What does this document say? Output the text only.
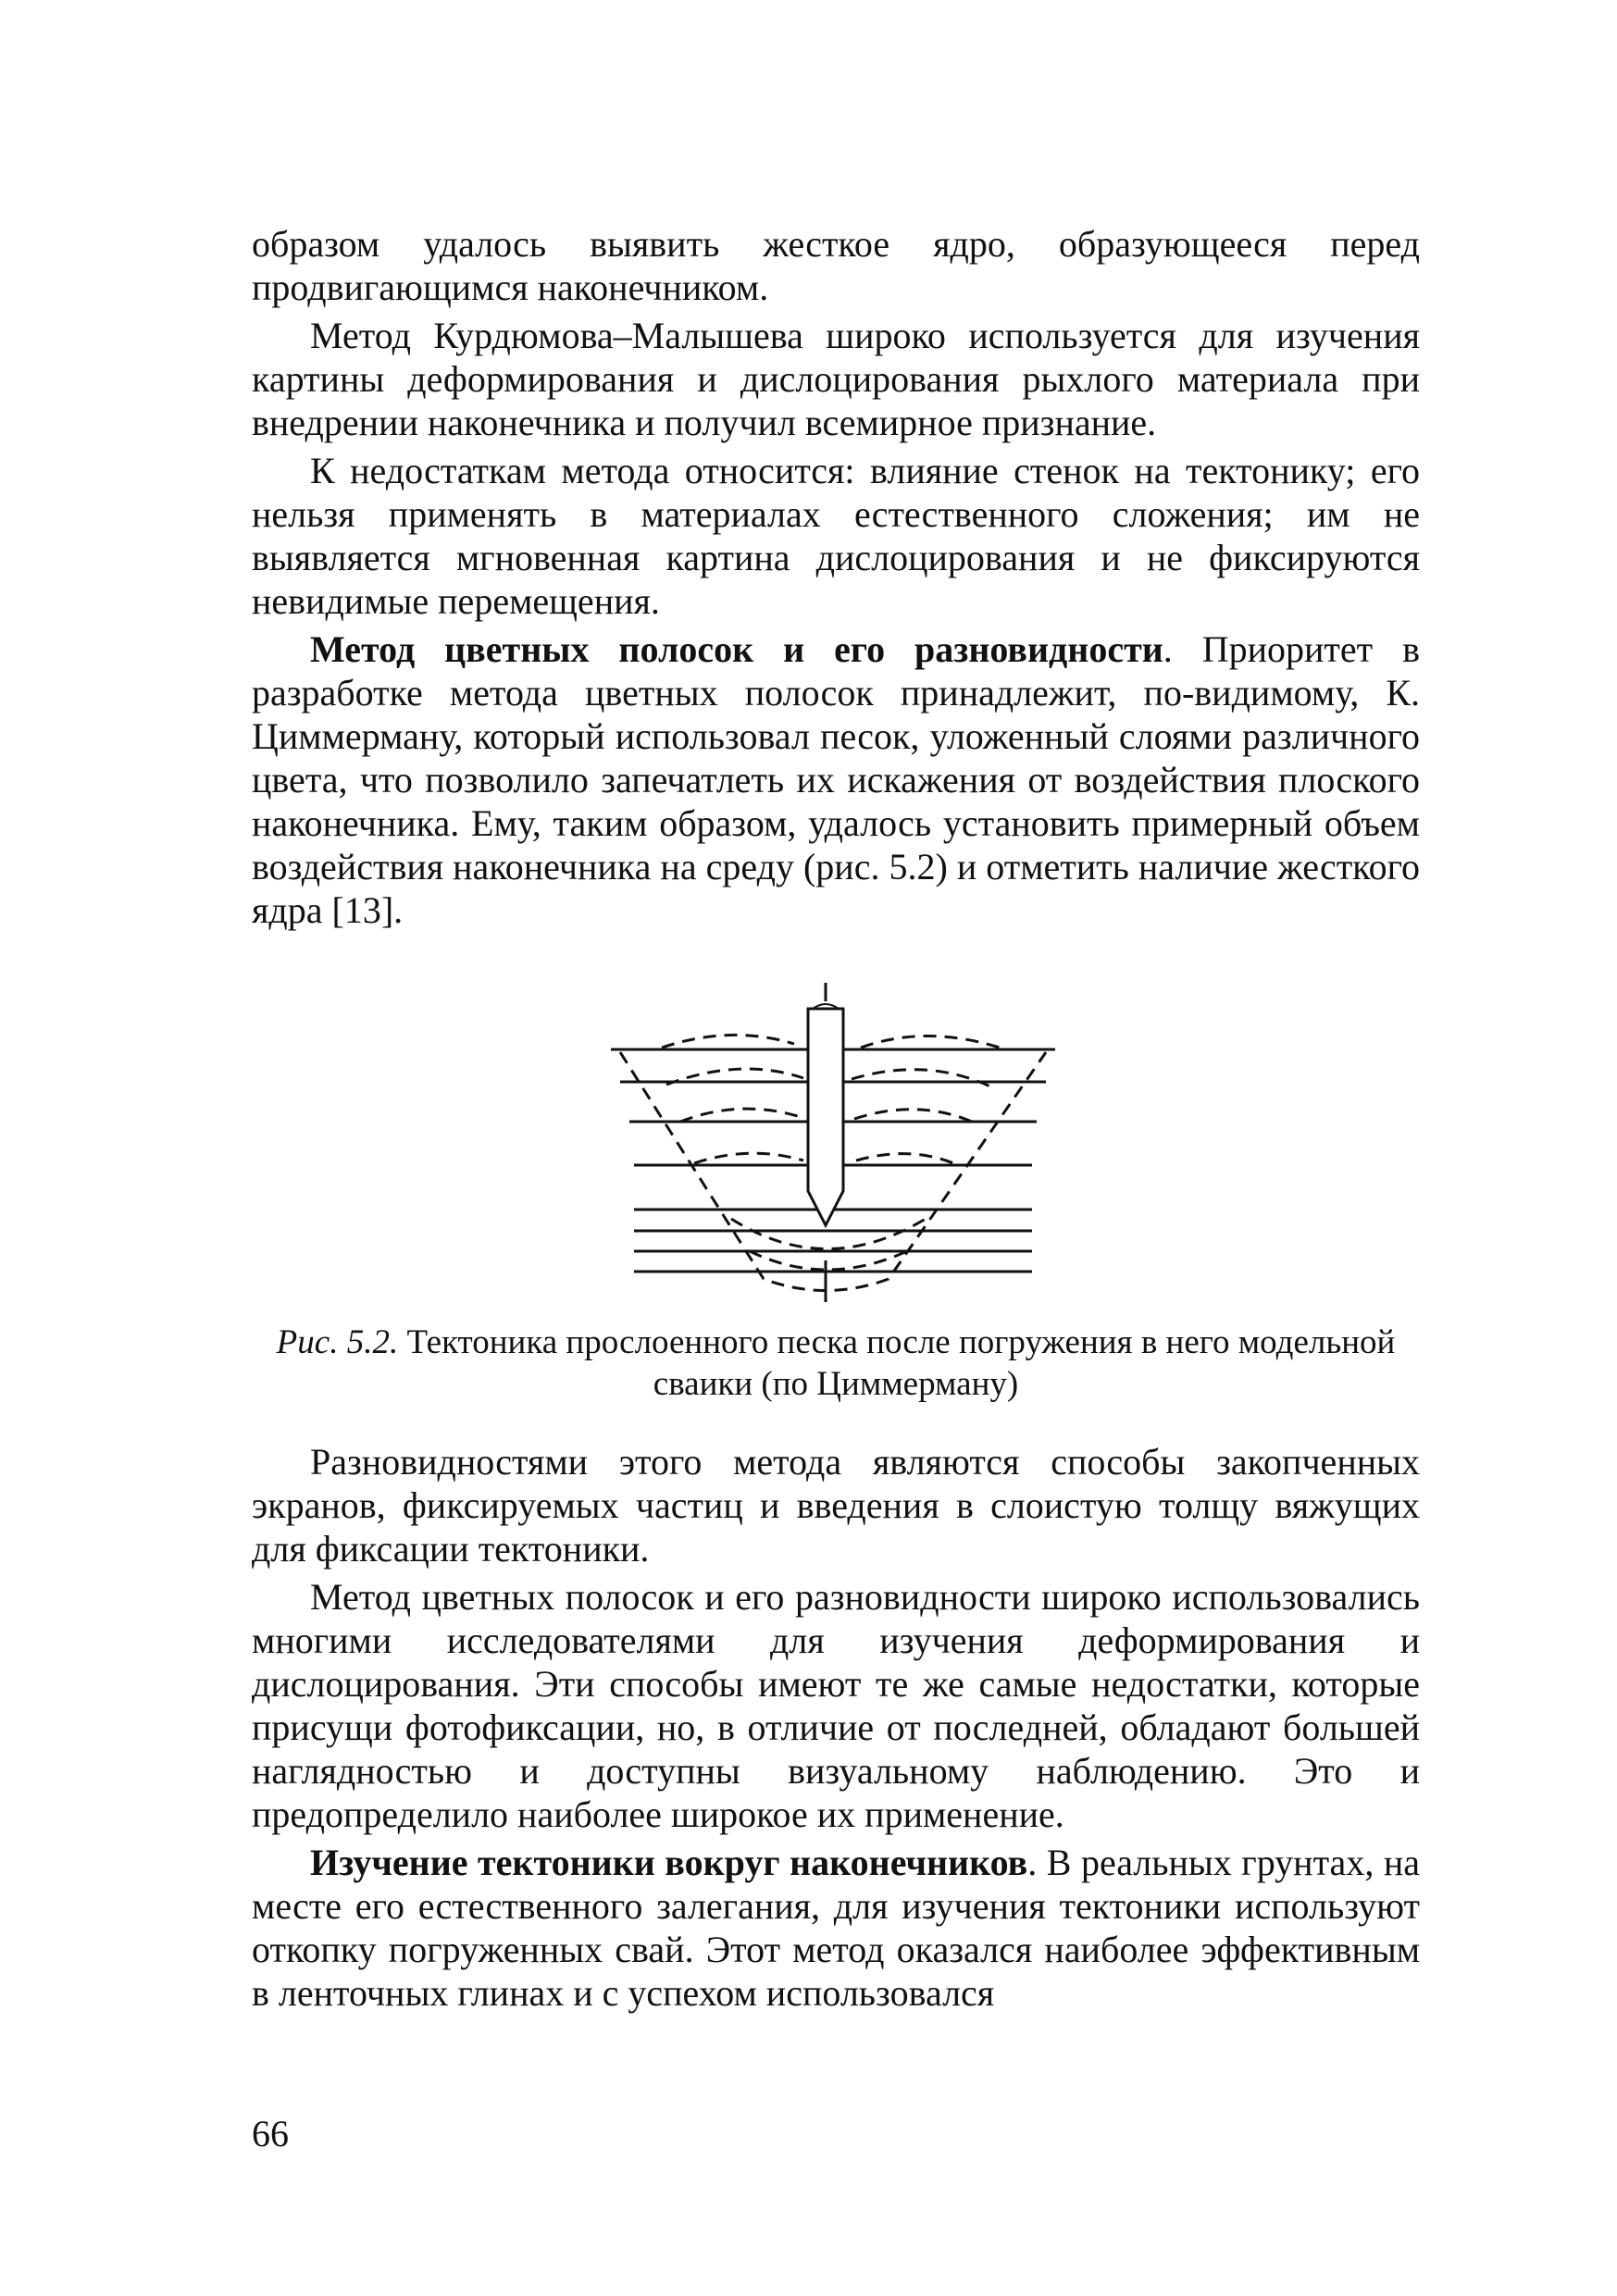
образом удалось выявить жесткое ядро, образующееся перед продвигающимся наконечником.

Метод Курдюмова–Малышева широко используется для изучения картины деформирования и дислоцирования рыхлого материала при внедрении наконечника и получил всемирное признание.

К недостаткам метода относится: влияние стенок на тектонику; его нельзя применять в материалах естественного сложения; им не выявляется мгновенная картина дислоцирования и не фиксируются невидимые перемещения.

Метод цветных полосок и его разновидности. Приоритет в разработке метода цветных полосок принадлежит, по-видимому, К. Циммерману, который использовал песок, уложенный слоями различного цвета, что позволило запечатлеть их искажения от воздействия плоского наконечника. Ему, таким образом, удалось установить примерный объем воздействия наконечника на среду (рис. 5.2) и отметить наличие жесткого ядра [13].

Рис. 5.2. Тектоника прослоенного песка после погружения в него модельной сваики (по Циммерману)

Разновидностями этого метода являются способы закопченных экранов, фиксируемых частиц и введения в слоистую толщу вяжущих для фиксации тектоники.

Метод цветных полосок и его разновидности широко использовались многими исследователями для изучения деформирования и дислоцирования. Эти способы имеют те же самые недостатки, которые присущи фотофиксации, но, в отличие от последней, обладают большей наглядностью и доступны визуальному наблюдению. Это и предопределило наиболее широкое их применение.

Изучение тектоники вокруг наконечников. В реальных грунтах, на месте его естественного залегания, для изучения тектоники используют откопку погруженных свай. Этот метод оказался наиболее эффективным в ленточных глинах и с успехом использовался

66
